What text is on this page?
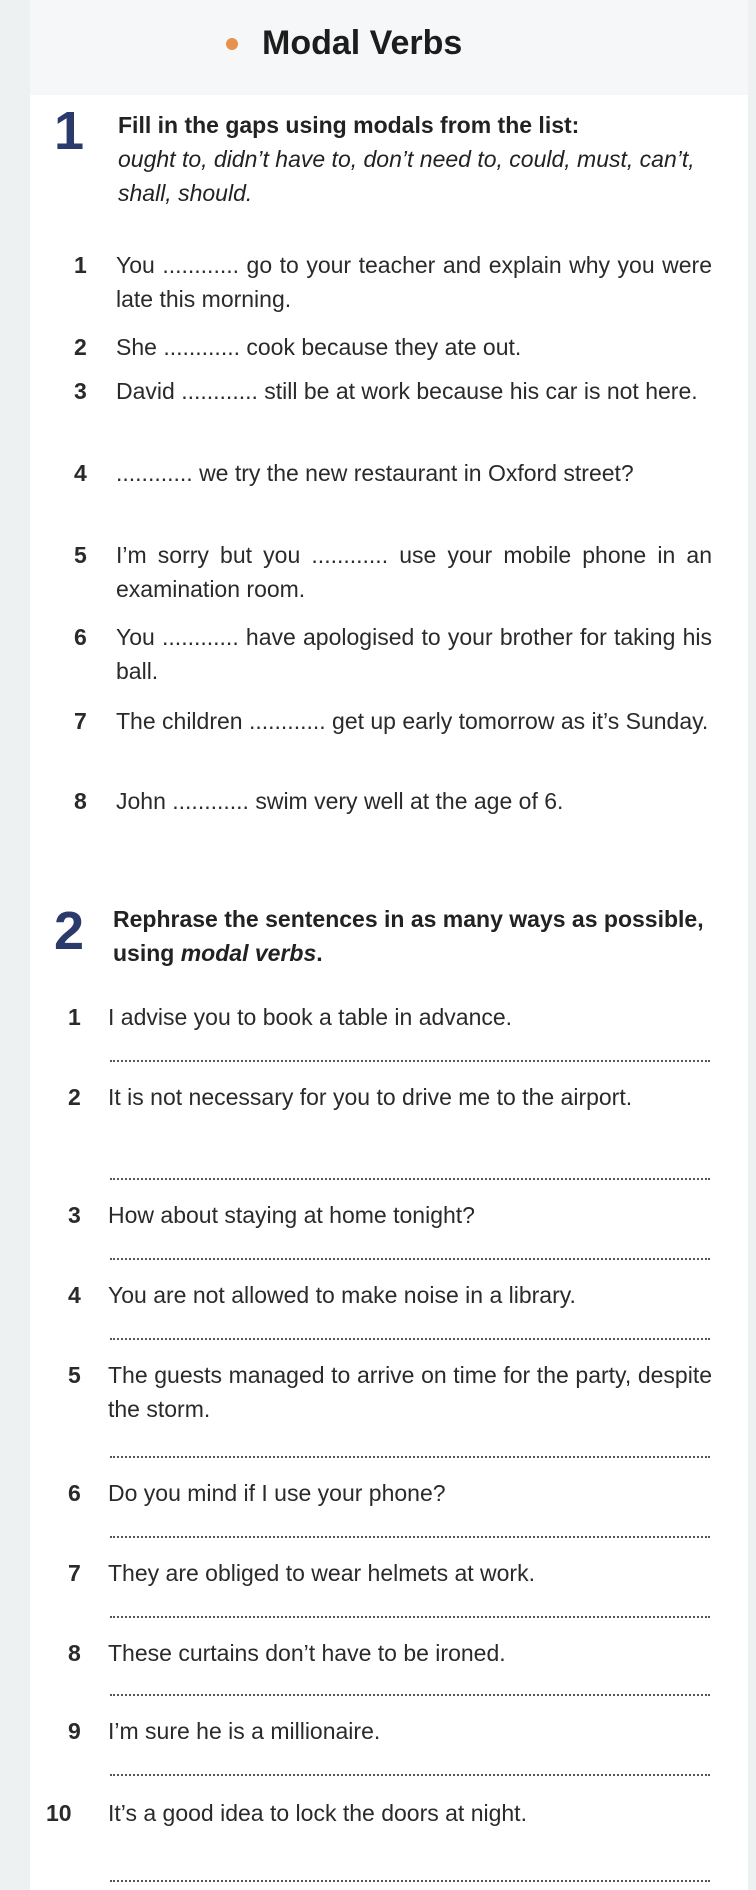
Modal Verbs
1 Fill in the gaps using modals from the list:
ought to, didn’t have to, don’t need to, could, must, can’t, shall, should.
1 You ............ go to your teacher and explain why you were late this morning.
2 She ............ cook because they ate out.
3 David ............ still be at work because his car is not here.
4 ............ we try the new restaurant in Oxford street?
5 I’m sorry but you ............ use your mobile phone in an examination room.
6 You ............ have apologised to your brother for taking his ball.
7 The children ............ get up early tomorrow as it’s Sunday.
8 John ............ swim very well at the age of 6.
2 Rephrase the sentences in as many ways as possible, using modal verbs.
1 I advise you to book a table in advance.
2 It is not necessary for you to drive me to the airport.
3 How about staying at home tonight?
4 You are not allowed to make noise in a library.
5 The guests managed to arrive on time for the party, despite the storm.
6 Do you mind if I use your phone?
7 They are obliged to wear helmets at work.
8 These curtains don’t have to be ironed.
9 I’m sure he is a millionaire.
10 It’s a good idea to lock the doors at night.
